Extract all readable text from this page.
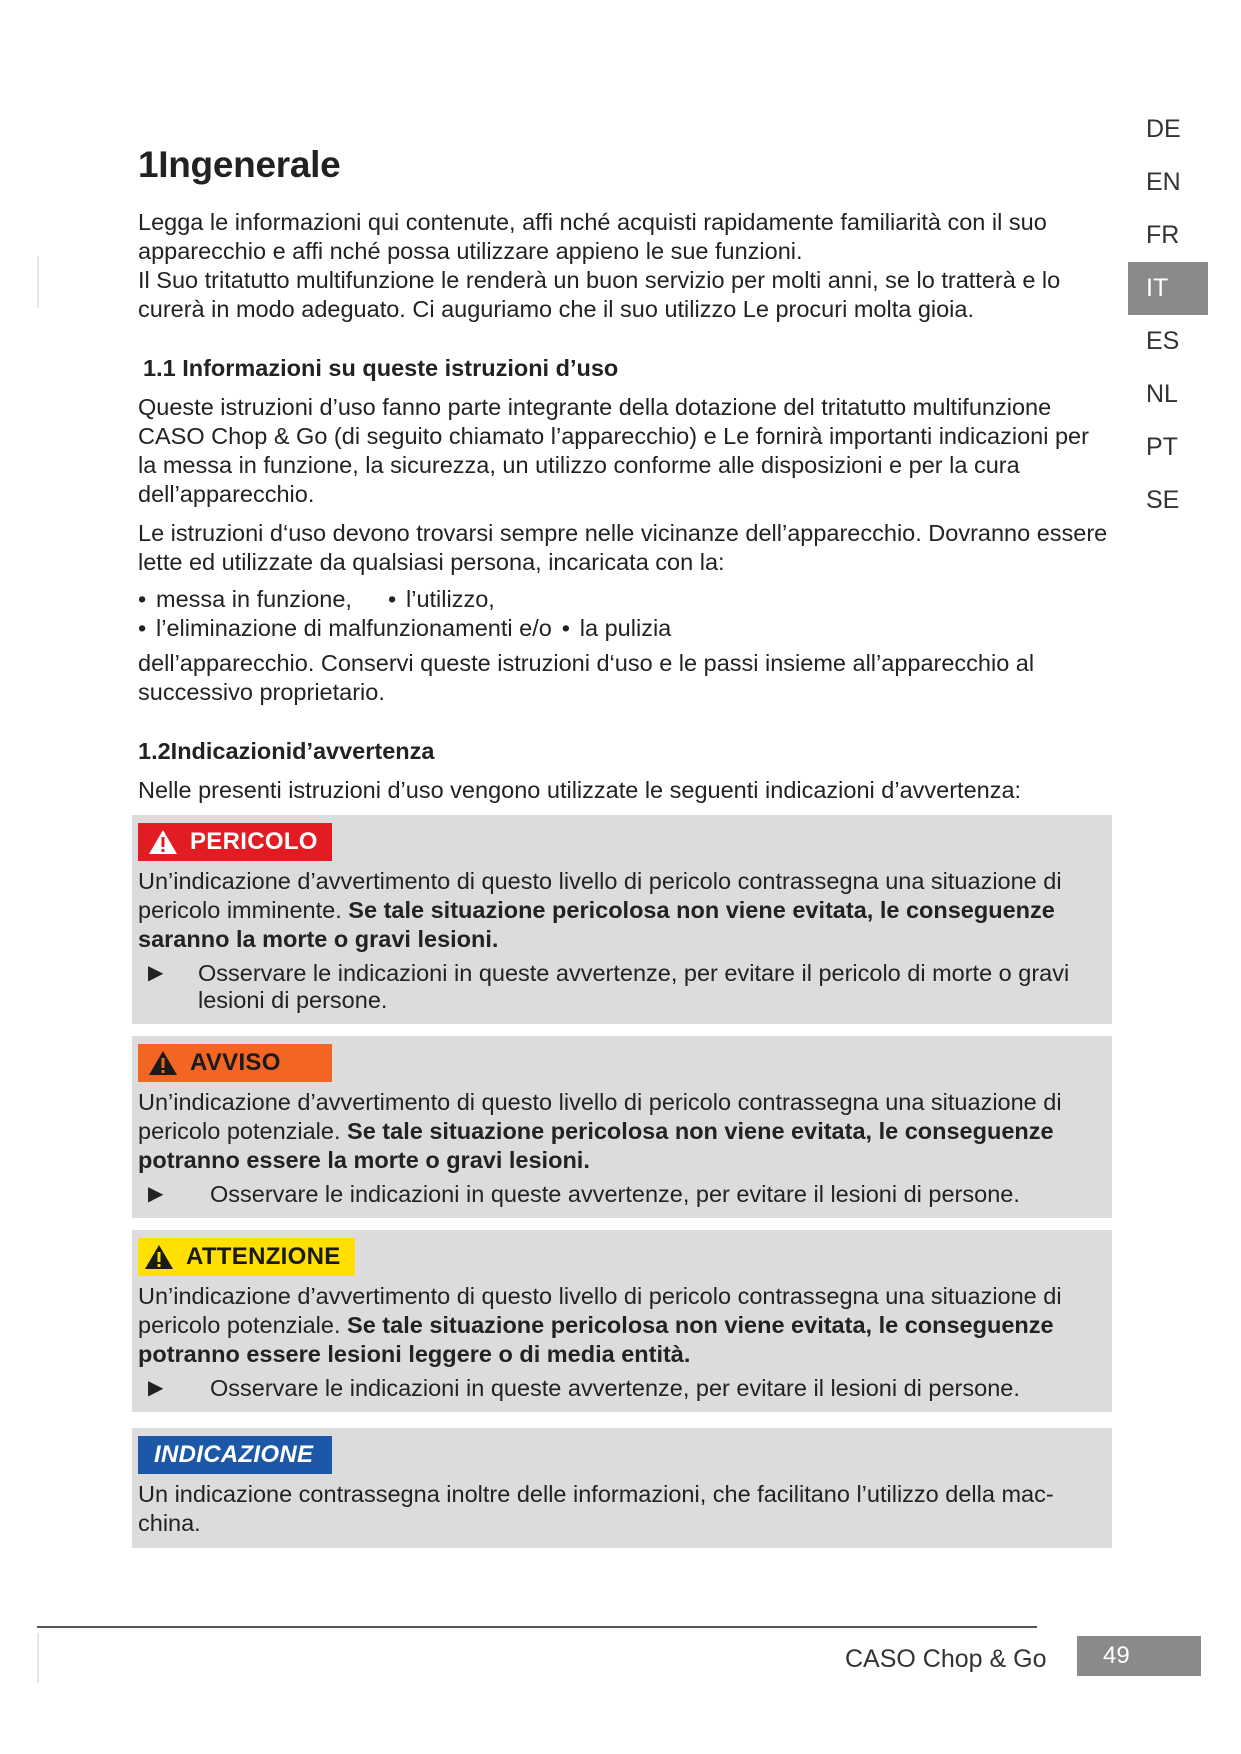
DE
EN
FR
IT
ES
NL
PT
SE
1Ingenerale

Legga le informazioni qui contenute, affi nché acquisti rapidamente familiarità con il suo apparecchio e affi nché possa utilizzare appieno le sue funzioni.

Il Suo tritatutto multifunzione le renderà un buon servizio per molti anni, se lo tratterà e lo curerà in modo adeguato. Ci auguriamo che il suo utilizzo Le procuri molta gioia.

1.1 Informazioni su queste istruzioni d’uso

Queste istruzioni d’uso fanno parte integrante della dotazione del tritatutto multifunzione CASO Chop & Go (di seguito chiamato l’apparecchio) e Le fornirà importanti indicazioni per la messa in funzione, la sicurezza, un utilizzo conforme alle disposizioni e per la cura dell’apparecchio.

Le istruzioni d‘uso devono trovarsi sempre nelle vicinanze dell’apparecchio. Dovranno essere lette ed utilizzate da qualsiasi persona, incaricata con la:

• messa in funzione,	• l’utilizzo,
• l’eliminazione di malfunzionamenti e/o • la pulizia

dell’apparecchio. Conservi queste istruzioni d‘uso e le passi insieme all’apparecchio al successivo proprietario.

1.2Indicazionid’avvertenza

Nelle presenti istruzioni d’uso vengono utilizzate le seguenti indicazioni d’avvertenza:

PERICOLO

Un’indicazione d’avvertimento di questo livello di pericolo contrassegna una situazione di pericolo imminente. Se tale situazione pericolosa non viene evitata, le conseguenze saranno la morte o gravi lesioni.

▶	Osservare le indicazioni in queste avvertenze, per evitare il pericolo di morte o gravi lesioni di persone.
AVVISO

Un’indicazione d’avvertimento di questo livello di pericolo contrassegna una situazione di pericolo potenziale. Se tale situazione pericolosa non viene evitata, le conseguenze potranno essere la morte o gravi lesioni.

▶	Osservare le indicazioni in queste avvertenze, per evitare il lesioni di persone.
ATTENZIONE

Un’indicazione d’avvertimento di questo livello di pericolo contrassegna una situazione di pericolo potenziale. Se tale situazione pericolosa non viene evitata, le conseguenze potranno essere lesioni leggere o di media entità.

▶	Osservare le indicazioni in queste avvertenze, per evitare il lesioni di persone.
INDICAZIONE

Un indicazione contrassegna inoltre delle informazioni, che facilitano l’utilizzo della mac-china.

CASO Chop & Go	49
